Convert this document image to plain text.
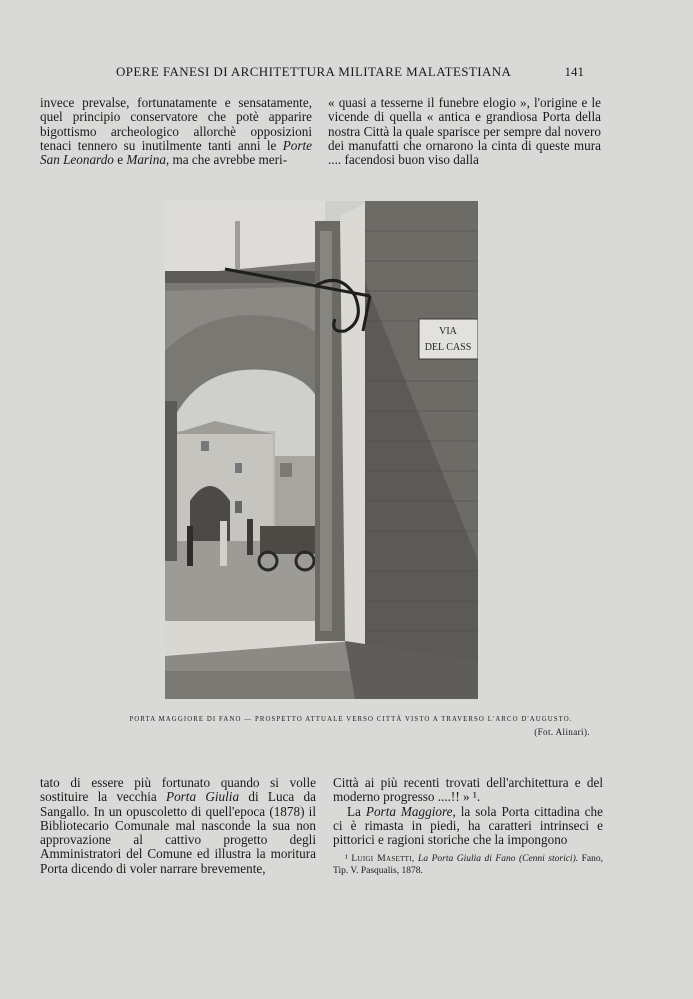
OPERE FANESI DI ARCHITETTURA MILITARE MALATESTIANA	141

invece prevalse, fortunatamente e sensatamente, quel principio conservatore che potè apparire bigottismo archeologico allorchè opposizioni tenaci tennero su inutilmente tanti anni le Porte San Leonardo e Marina, ma che avrebbe meri-

« quasi a tesserne il funebre elogio », l'origine e le vicende di quella « antica e grandiosa Porta della nostra Città la quale sparisce per sempre dal novero dei manufatti che ornarono la cinta di queste mura .... facendosi buon viso dalla

VIA
DEL CASS
PORTA MAGGIORE DI FANO — PROSPETTO ATTUALE VERSO CITTÀ VISTO A TRAVERSO L'ARCO D'AUGUSTO.
(Fot. Alinari).

tato di essere più fortunato quando si volle sostituire la vecchia Porta Giulia di Luca da Sangallo. In un opuscoletto di quell'epoca (1878) il Bibliotecario Comunale mal nasconde la sua non approvazione al cattivo progetto degli Amministratori del Comune ed illustra la moritura Porta dicendo di voler narrare brevemente,

Città ai più recenti trovati dell'architettura e del moderno progresso ....!! » ¹.

La Porta Maggiore, la sola Porta cittadina che ci è rimasta in piedi, ha caratteri intrinseci e pittorici e ragioni storiche che la impongono

¹ Luigi Masetti, La Porta Giulia di Fano (Cenni storici). Fano, Tip. V. Pasqualis, 1878.
